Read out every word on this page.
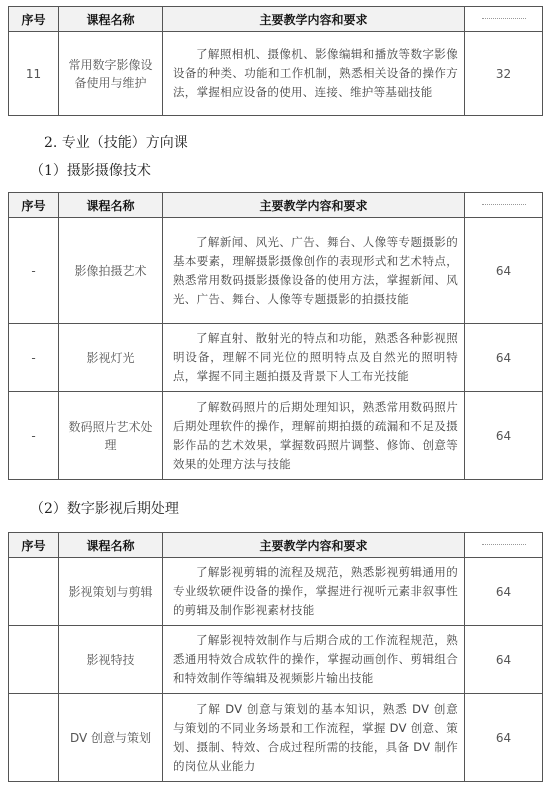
序号	课程名称	主要教学内容和要求	

11	常用数字影像设备使用与维护	了解照相机、摄像机、影像编辑和播放等数字影像设备的种类、功能和工作机制，熟悉相关设备的操作方法，掌握相应设备的使用、连接、维护等基础技能	32
2. 专业（技能）方向课
（1）摄影摄像技术
序号	课程名称	主要教学内容和要求	

-	影像拍摄艺术	了解新闻、风光、广告、舞台、人像等专题摄影的基本要素，理解摄影摄像创作的表现形式和艺术特点，熟悉常用数码摄影摄像设备的使用方法，掌握新闻、风光、广告、舞台、人像等专题摄影的拍摄技能	64
-	影视灯光	了解直射、散射光的特点和功能，熟悉各种影视照明设备，理解不同光位的照明特点及自然光的照明特点，掌握不同主题拍摄及背景下人工布光技能	64
-	数码照片艺术处理	了解数码照片的后期处理知识，熟悉常用数码照片后期处理软件的操作，理解前期拍摄的疏漏和不足及摄影作品的艺术效果，掌握数码照片调整、修饰、创意等效果的处理方法与技能	64
（2）数字影视后期处理
序号	课程名称	主要教学内容和要求	

	影视策划与剪辑	了解影视剪辑的流程及规范，熟悉影视剪辑通用的专业级软硬件设备的操作，掌握进行视听元素非叙事性的剪辑及制作影视素材技能	64
	影视特技	了解影视特效制作与后期合成的工作流程规范，熟悉通用特效合成软件的操作，掌握动画创作、剪辑组合和特效制作等编辑及视频影片输出技能	64
	DV 创意与策划	了解 DV 创意与策划的基本知识，熟悉 DV 创意与策划的不同业务场景和工作流程，掌握 DV 创意、策划、摄制、特效、合成过程所需的技能，具备 DV 制作的岗位从业能力	64
